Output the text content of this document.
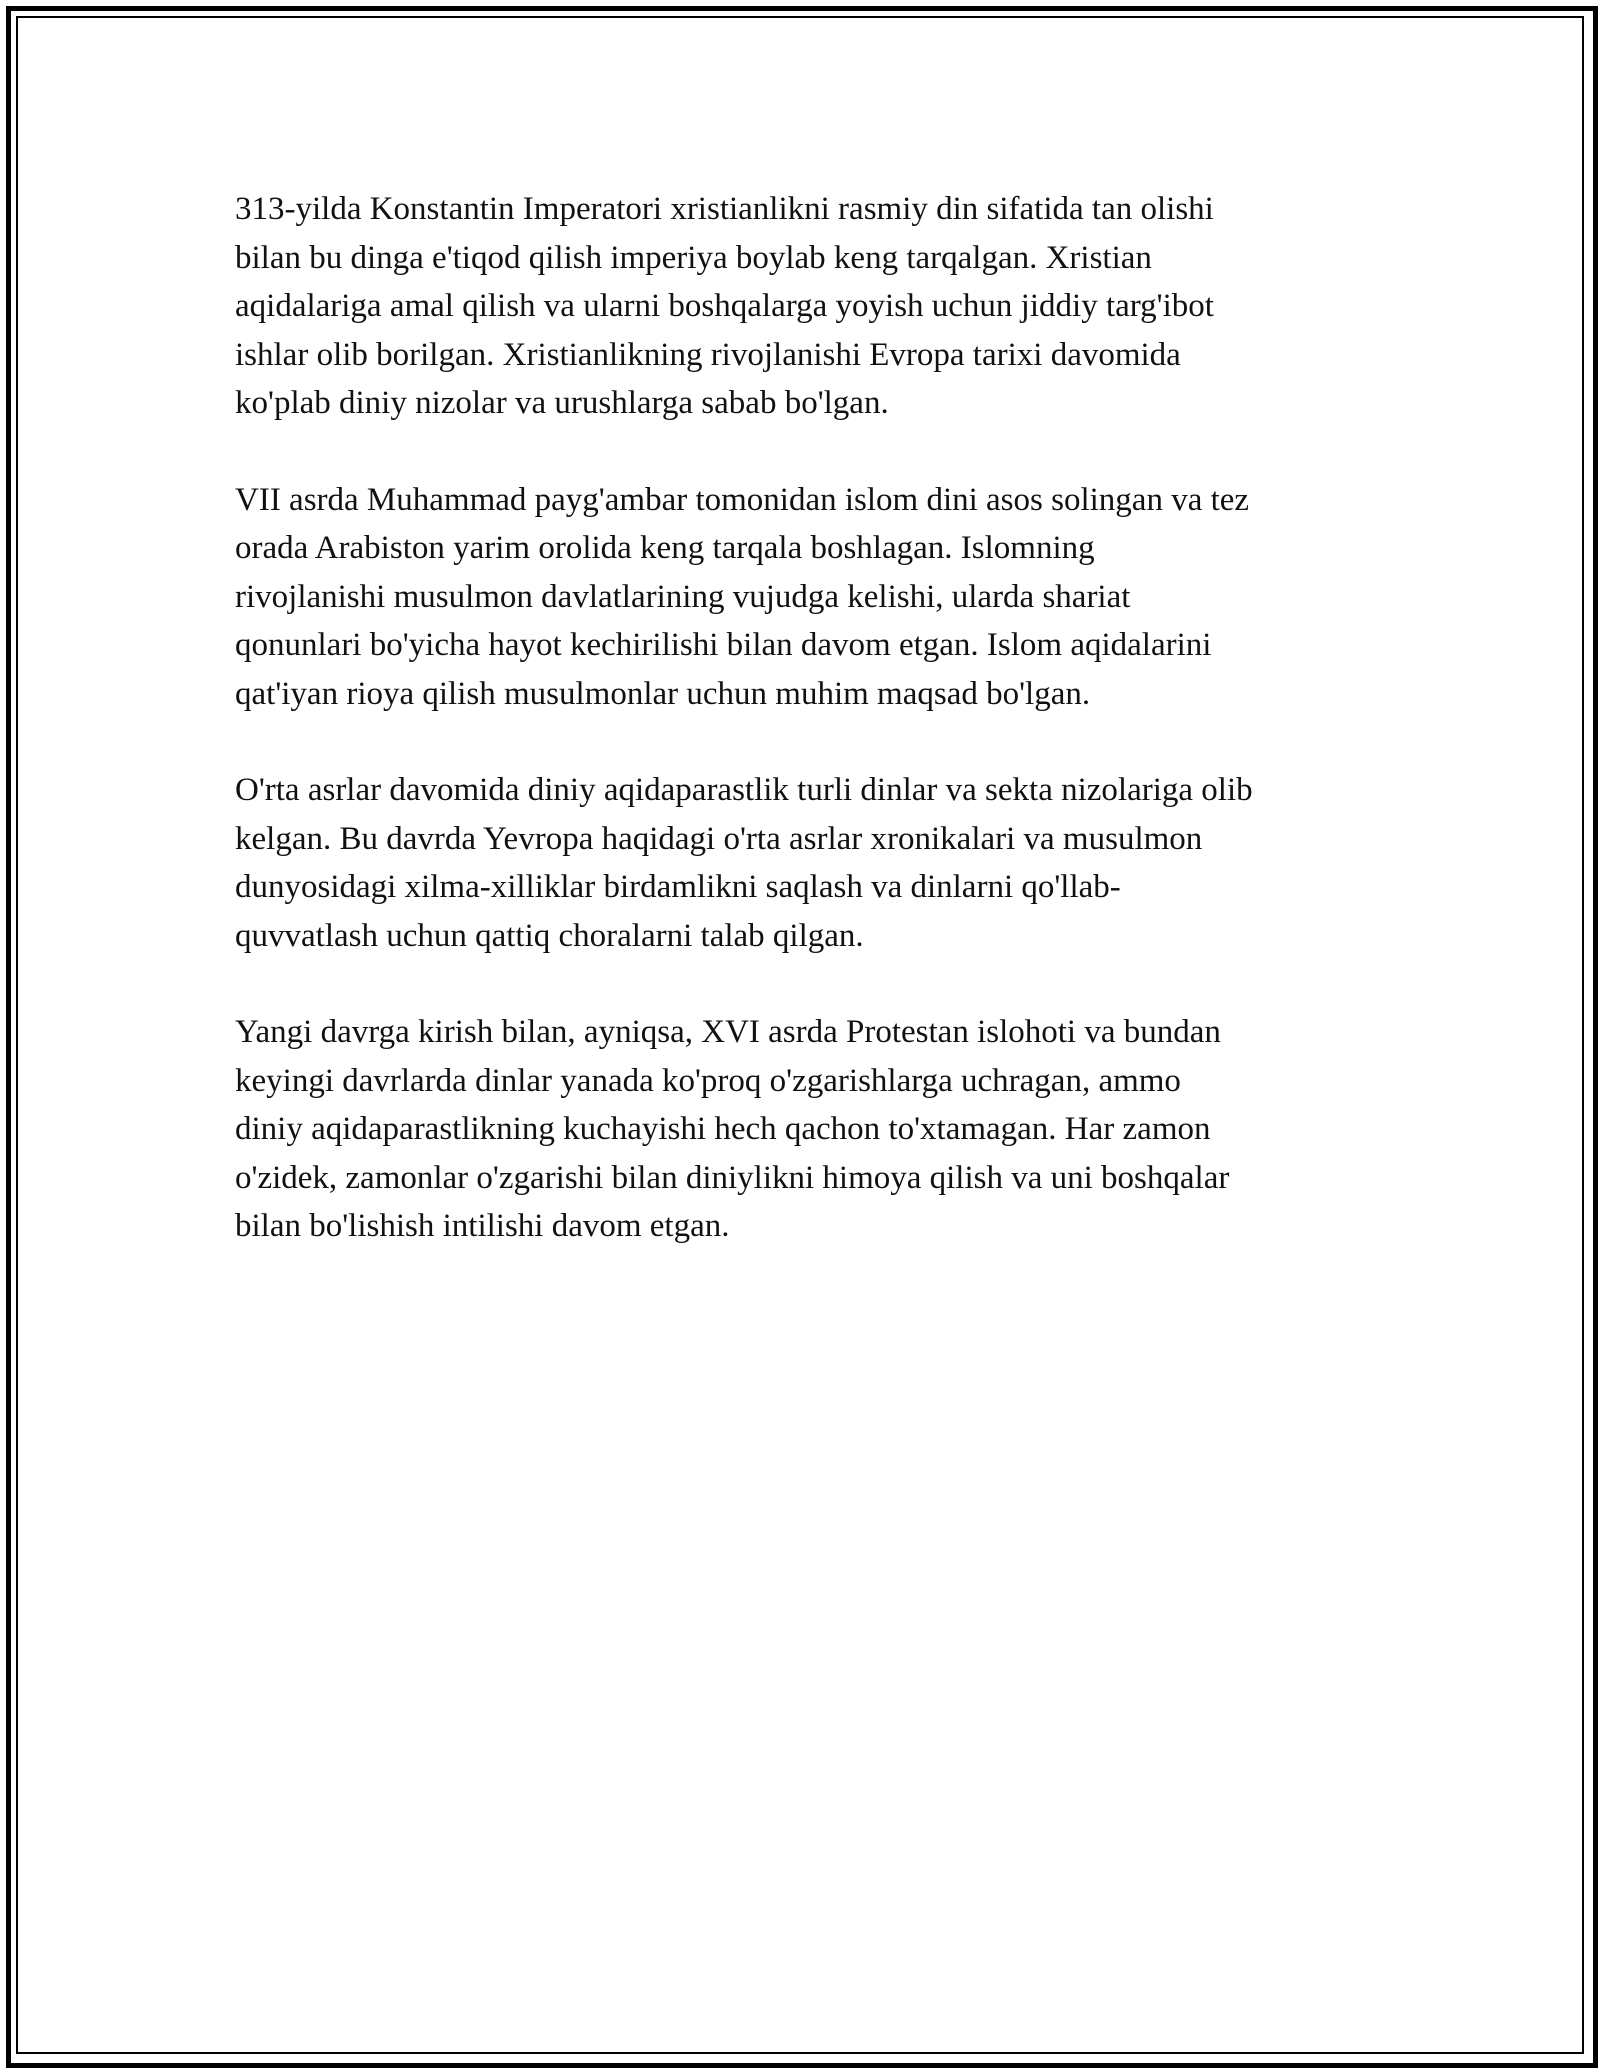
313-yilda Konstantin Imperatori xristianlikni rasmiy din sifatida tan olishi
bilan bu dinga e'tiqod qilish imperiya boylab keng tarqalgan. Xristian
aqidalariga amal qilish va ularni boshqalarga yoyish uchun jiddiy targ'ibot
ishlar olib borilgan. Xristianlikning rivojlanishi Evropa tarixi davomida
ko'plab diniy nizolar va urushlarga sabab bo'lgan.

VII asrda Muhammad payg'ambar tomonidan islom dini asos solingan va tez
orada Arabiston yarim orolida keng tarqala boshlagan. Islomning
rivojlanishi musulmon davlatlarining vujudga kelishi, ularda shariat
qonunlari bo'yicha hayot kechirilishi bilan davom etgan. Islom aqidalarini
qat'iyan rioya qilish musulmonlar uchun muhim maqsad bo'lgan.

O'rta asrlar davomida diniy aqidaparastlik turli dinlar va sekta nizolariga olib
kelgan. Bu davrda Yevropa haqidagi o'rta asrlar xronikalari va musulmon
dunyosidagi xilma-xilliklar birdamlikni saqlash va dinlarni qo'llab-
quvvatlash uchun qattiq choralarni talab qilgan.

Yangi davrga kirish bilan, ayniqsa, XVI asrda Protestan islohoti va bundan
keyingi davrlarda dinlar yanada ko'proq o'zgarishlarga uchragan, ammo
diniy aqidaparastlikning kuchayishi hech qachon to'xtamagan. Har zamon
o'zidek, zamonlar o'zgarishi bilan diniylikni himoya qilish va uni boshqalar
bilan bo'lishish intilishi davom etgan.
